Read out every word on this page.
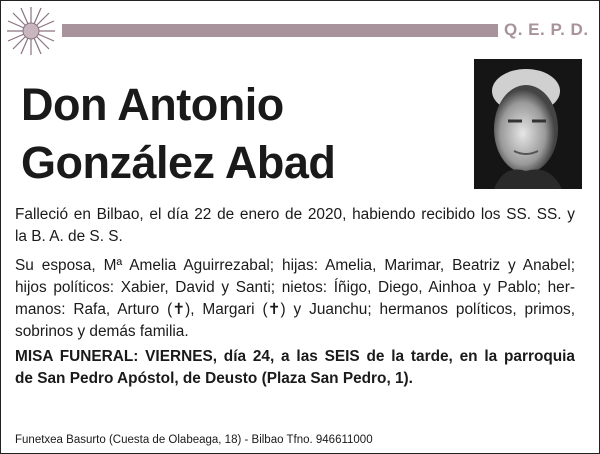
Q. E. P. D.
Don Antonio
González Abad
Falleció en Bilbao, el día 22 de enero de 2020, habiendo recibido los SS. SS. y
la B. A. de S. S.
Su esposa, Mª Amelia Aguirrezabal; hijas: Amelia, Marimar, Beatriz y Anabel;
hijos políticos: Xabier, David y Santi; nietos: Íñigo, Diego, Ainhoa y Pablo; her-
manos: Rafa, Arturo (✝), Margari (✝) y Juanchu; hermanos políticos, primos,
sobrinos y demás familia.
MISA FUNERAL: VIERNES, día 24, a las SEIS de la tarde, en la parroquia
de San Pedro Apóstol, de Deusto (Plaza San Pedro, 1).
Funetxea Basurto (Cuesta de Olabeaga, 18) - Bilbao Tfno. 946611000
